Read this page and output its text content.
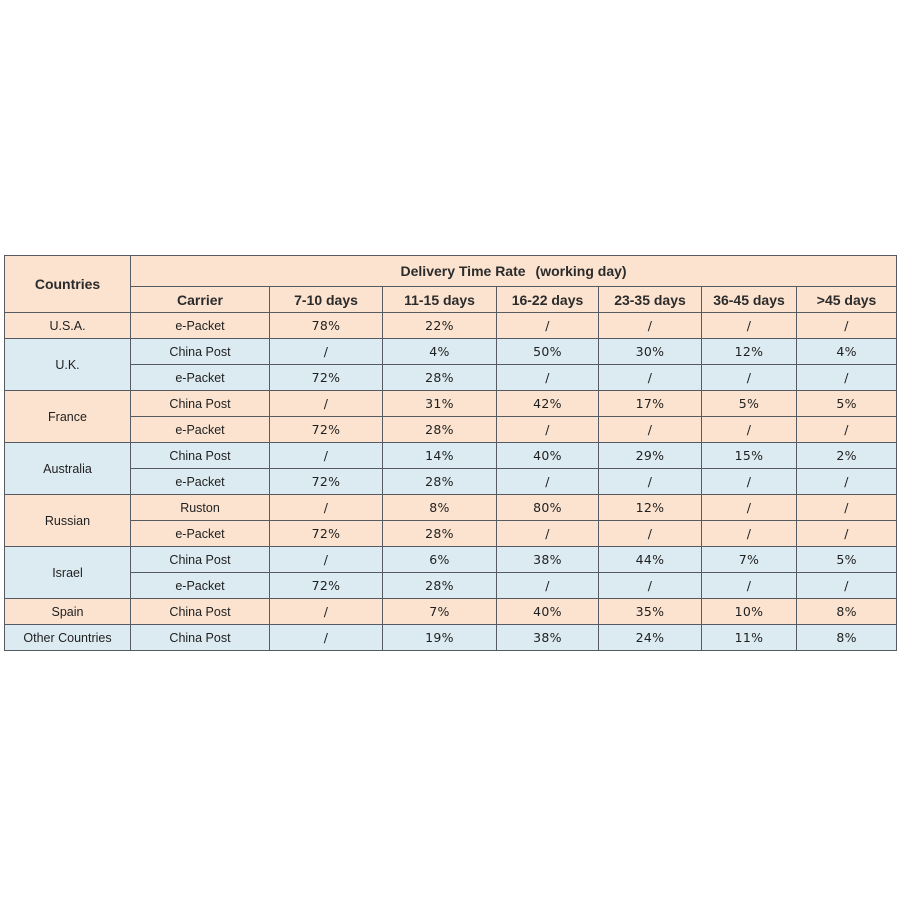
Countries	Delivery Time Rate (working day)						
	Carrier	7-10 days	11-15 days	16-22 days	23-35 days	36-45 days	>45 days
U.S.A.	e-Packet	78%	22%	/	/	/	/
U.K.	China Post	/	4%	50%	30%	12%	4%
	e-Packet	72%	28%	/	/	/	/
France	China Post	/	31%	42%	17%	5%	5%
	e-Packet	72%	28%	/	/	/	/
Australia	China Post	/	14%	40%	29%	15%	2%
	e-Packet	72%	28%	/	/	/	/
Russian	Ruston	/	8%	80%	12%	/	/
	e-Packet	72%	28%	/	/	/	/
Israel	China Post	/	6%	38%	44%	7%	5%
	e-Packet	72%	28%	/	/	/	/
Spain	China Post	/	7%	40%	35%	10%	8%
Other Countries	China Post	/	19%	38%	24%	11%	8%
